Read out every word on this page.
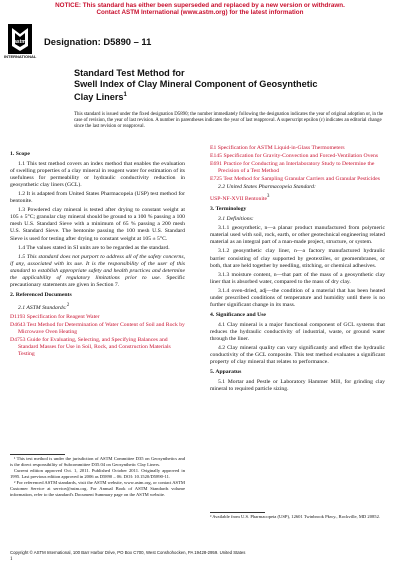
NOTICE: This standard has either been superseded and replaced by a new version or withdrawn.
Contact ASTM International (www.astm.org) for the latest information
astm
INTERNATIONAL
Designation: D5890 – 11
Standard Test Method for
Swell Index of Clay Mineral Component of Geosynthetic
Clay Liners$^1$
This standard is issued under the fixed designation D5890; the number immediately following the designation indicates the year of original adoption or, in the case of revision, the year of last revision. A number in parentheses indicates the year of last reapproval. A superscript epsilon (ε) indicates an editorial change since the last revision or reapproval.
1. Scope

1.1 This test method covers an index method that enables the evaluation of swelling properties of a clay mineral in reagent water for estimation of its usefulness for permeability or hydraulic conductivity reduction in geosynthetic clay liners (GCL).

1.2 It is adapted from United States Pharmacopeia (USP) test method for bentonite.

1.3 Powdered clay mineral is tested after drying to constant weight at 105 ± 5°C; granular clay mineral should be ground to a 100 % passing a 100 mesh U.S. Standard Sieve with a minimum of 65 % passing a 200 mesh U.S. Standard Sieve. The bentonite passing the 100 mesh U.S. Standard Sieve is used for testing after drying to constant weight at 105 ± 5°C.

1.4 The values stated in SI units are to be regarded as the standard.

1.5 This standard does not purport to address all of the safety concerns, if any, associated with its use. It is the responsibility of the user of this standard to establish appropriate safety and health practices and determine the applicability of regulatory limitations prior to use. Specific precautionary statements are given in Section 7.

2. Referenced Documents

2.1 ASTM Standards:$^2$

D1193 Specification for Reagent Water
D4643 Test Method for Determination of Water Content of Soil and Rock by Microwave Oven Heating
D4753 Guide for Evaluating, Selecting, and Specifying Balances and Standard Masses for Use in Soil, Rock, and Construction Materials Testing

¹ This test method is under the jurisdiction of ASTM Committee D35 on Geosynthetics and is the direct responsibility of Subcommittee D35.04 on Geosynthetic Clay Liners.

Current edition approved Oct. 1, 2011. Published October 2011. Originally approved in 1995. Last previous edition approved in 2006 as D5890 – 06. DOI: 10.1520/D5890-11.

² For referenced ASTM standards, visit the ASTM website, www.astm.org, or contact ASTM Customer Service at service@astm.org. For Annual Book of ASTM Standards volume information, refer to the standard's Document Summary page on the ASTM website.

E1 Specification for ASTM Liquid-in-Glass Thermometers
E145 Specification for Gravity-Convection and Forced-Ventilation Ovens
E691 Practice for Conducting an Interlaboratory Study to Determine the Precision of a Test Method
E725 Test Method for Sampling Granular Carriers and Granular Pesticides

2.2 United States Pharmacopeia Standard:

USP-NF-XVII Bentonite$^3$
3. Terminology

3.1 Definitions:

3.1.1 geosynthetic, n—a planar product manufactured from polymeric material used with soil, rock, earth, or other geotechnical engineering related material as an integral part of a man-made project, structure, or system.

3.1.2 geosynthetic clay liner, n—a factory manufactured hydraulic barrier consisting of clay supported by geotextiles, or geomembranes, or both, that are held together by needling, stitching, or chemical adhesives.

3.1.3 moisture content, n—that part of the mass of a geosynthetic clay liner that is absorbed water, compared to the mass of dry clay.

3.1.4 oven-dried, adj—the condition of a material that has been heated under prescribed conditions of temperature and humidity until there is no further significant change in its mass.

4. Significance and Use

4.1 Clay mineral is a major functional component of GCL systems that reduces the hydraulic conductivity of industrial, waste, or ground water through the liner.

4.2 Clay mineral quality can vary significantly and effect the hydraulic conductivity of the GCL composite. This test method evaluates a significant property of clay mineral that relates to performance.

5. Apparatus

5.1 Mortar and Pestle or Laboratory Hammer Mill, for grinding clay mineral to required particle sizing.

³ Available from U.S. Pharmacopeia (USP), 12601 Twinbrook Pkwy., Rockville, MD 20852.
Copyright © ASTM International, 100 Barr Harbor Drive, PO Box C700, West Conshohocken, PA 19428-2959. United States
1
